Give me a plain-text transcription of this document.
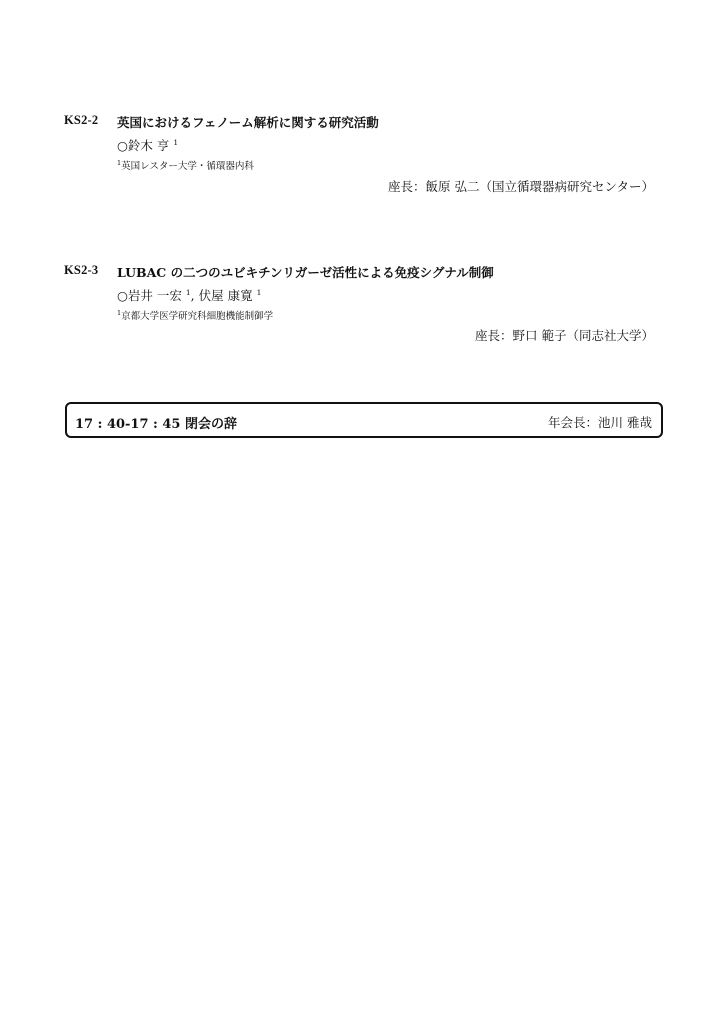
KS2-2 英国におけるフェノーム解析に関する研究活動
○鈴木 亨 $^1$
$^1$英国レスター大学・循環器内科
座長：飯原 弘二（国立循環器病研究センター）
KS2-3 LUBAC の二つのユビキチンリガーゼ活性による免疫シグナル制御
○岩井 一宏 $^1$, 伏屋 康寛 $^1$
$^1$京都大学医学研究科細胞機能制御学
座長：野口 範子（同志社大学）
17 : 40-17 : 45 閉会の辞	年会長：池川 雅哉
